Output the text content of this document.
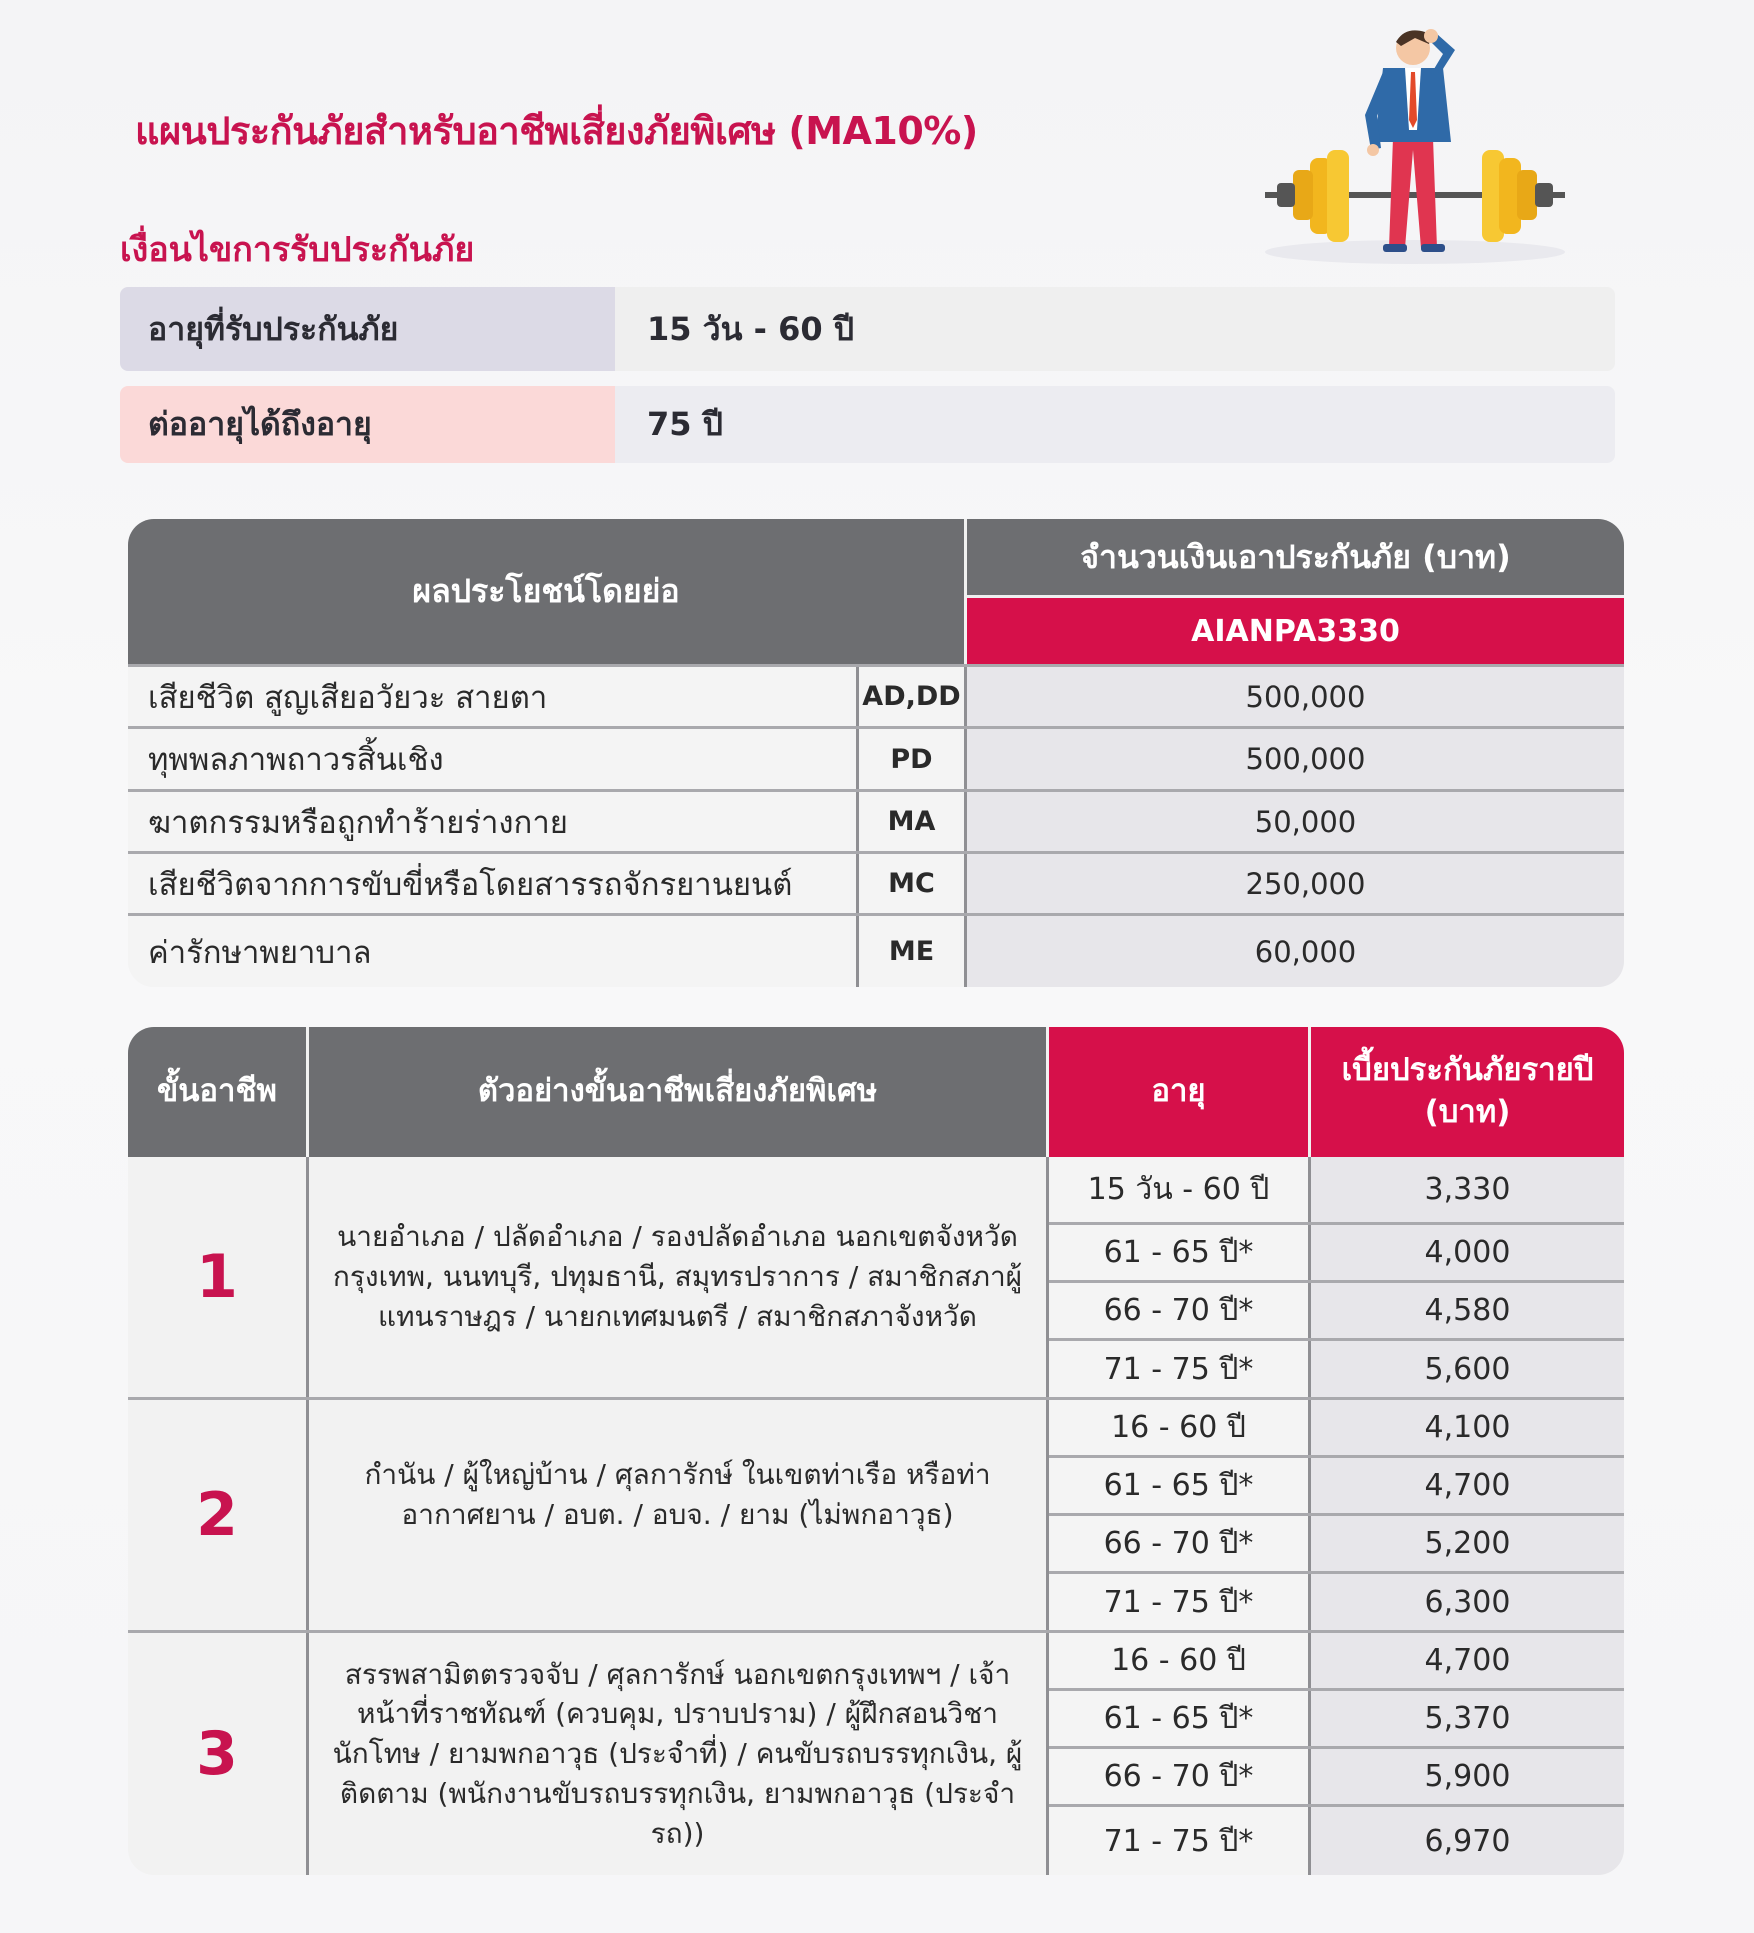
แผนประกันภัยสำหรับอาชีพเสี่ยงภัยพิเศษ (MA10%)
เงื่อนไขการรับประกันภัย
อายุที่รับประกันภัย	15 วัน - 60 ปี
ต่ออายุได้ถึงอายุ	75 ปี
ผลประโยชน์โดยย่อ
จำนวนเงินเอาประกันภัย (บาท)
AIANPA3330
เสียชีวิต สูญเสียอวัยวะ สายตา	AD,DD	500,000
ทุพพลภาพถาวรสิ้นเชิง	PD	500,000
ฆาตกรรมหรือถูกทำร้ายร่างกาย	MA	50,000
เสียชีวิตจากการขับขี่หรือโดยสารรถจักรยานยนต์	MC	250,000
ค่ารักษาพยาบาล	ME	60,000
ขั้นอาชีพ	ตัวอย่างขั้นอาชีพเสี่ยงภัยพิเศษ	อายุ
เบี้ยประกันภัยรายปี (บาท)
1
นายอำเภอ / ปลัดอำเภอ / รองปลัดอำเภอ นอกเขตจังหวัด กรุงเทพ, นนทบุรี, ปทุมธานี, สมุทรปราการ / สมาชิกสภาผู้แทนราษฎร / นายกเทศมนตรี / สมาชิกสภาจังหวัด
15 วัน - 60 ปี	3,330
61 - 65 ปี*	4,000
66 - 70 ปี*	4,580
71 - 75 ปี*	5,600
2
กำนัน / ผู้ใหญ่บ้าน / ศุลการักษ์ ในเขตท่าเรือ หรือท่าอากาศยาน / อบต. / อบจ. / ยาม (ไม่พกอาวุธ)
16 - 60 ปี	4,100
61 - 65 ปี*	4,700
66 - 70 ปี*	5,200
71 - 75 ปี*	6,300
3
สรรพสามิตตรวจจับ / ศุลการักษ์ นอกเขตกรุงเทพฯ / เจ้าหน้าที่ราชทัณฑ์ (ควบคุม, ปราบปราม) / ผู้ฝึกสอนวิชานักโทษ / ยามพกอาวุธ (ประจำที่) / คนขับรถบรรทุกเงิน, ผู้ติดตาม (พนักงานขับรถบรรทุกเงิน, ยามพกอาวุธ (ประจำรถ))
16 - 60 ปี	4,700
61 - 65 ปี*	5,370
66 - 70 ปี*	5,900
71 - 75 ปี*	6,970
